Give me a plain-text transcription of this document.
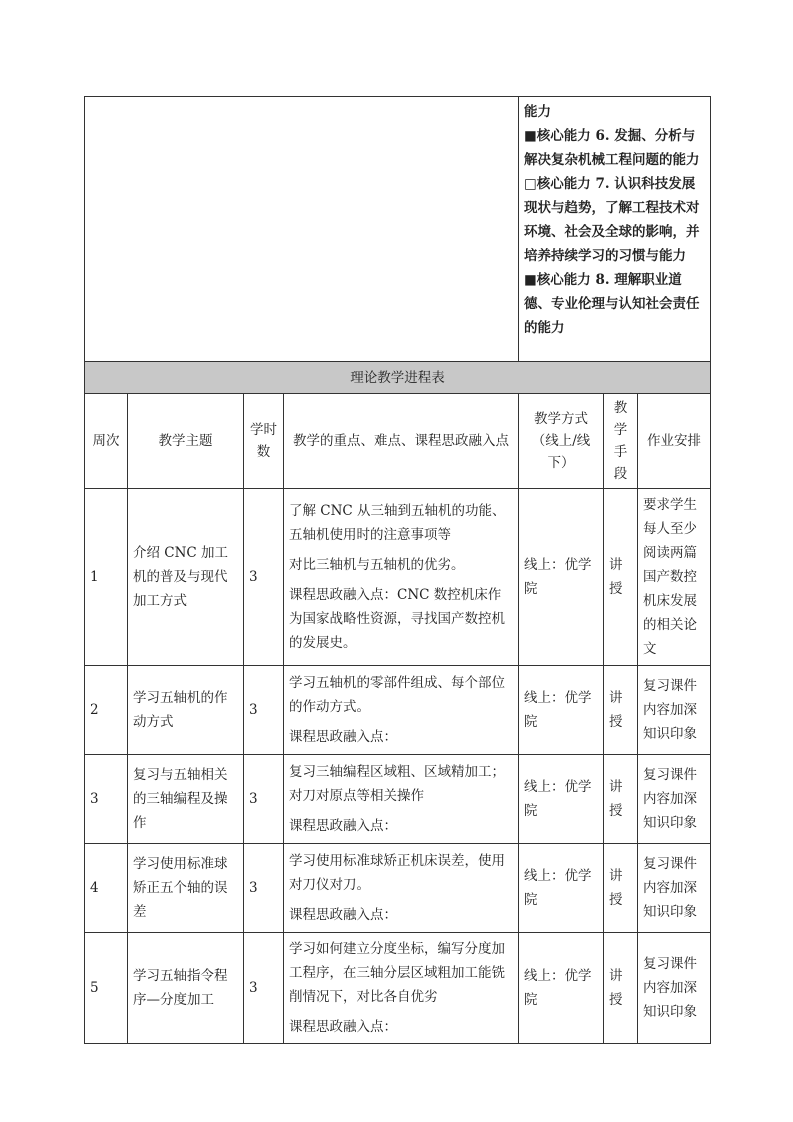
				能力
■核心能力 6. 发掘、分析与解决复杂机械工程问题的能力
□核心能力 7. 认识科技发展现状与趋势，了解工程技术对环境、社会及全球的影响，并培养持续学习的习惯与能力
■核心能力 8. 理解职业道德、专业伦理与认知社会责任的能力		

理论教学进程表						
周次	教学主题	学时数	教学的重点、难点、课程思政融入点	教学方式（线上/线下）	教学手段	作业安排
1	介绍 CNC 加工机的普及与现代加工方式	3	了解 CNC 从三轴到五轴机的功能、五轴机使用时的注意事项等

对比三轴机与五轴机的优劣。

课程思政融入点：CNC 数控机床作为国家战略性资源，寻找国产数控机的发展史。	线上：优学院	讲授	要求学生每人至少阅读两篇国产数控机床发展的相关论文
2	学习五轴机的作动方式	3	学习五轴机的零部件组成、每个部位的作动方式。

课程思政融入点：	线上：优学院	讲授	复习课件内容加深知识印象
3	复习与五轴相关的三轴编程及操作	3	复习三轴编程区域粗、区域精加工；对刀对原点等相关操作

课程思政融入点：	线上：优学院	讲授	复习课件内容加深知识印象
4	学习使用标准球矫正五个轴的误差	3	学习使用标准球矫正机床误差，使用对刀仪对刀。

课程思政融入点：	线上：优学院	讲授	复习课件内容加深知识印象
5	学习五轴指令程序—分度加工	3	学习如何建立分度坐标，编写分度加工程序，在三轴分层区域粗加工能铣削情况下，对比各自优劣

课程思政融入点：	线上：优学院	讲授	复习课件内容加深知识印象
